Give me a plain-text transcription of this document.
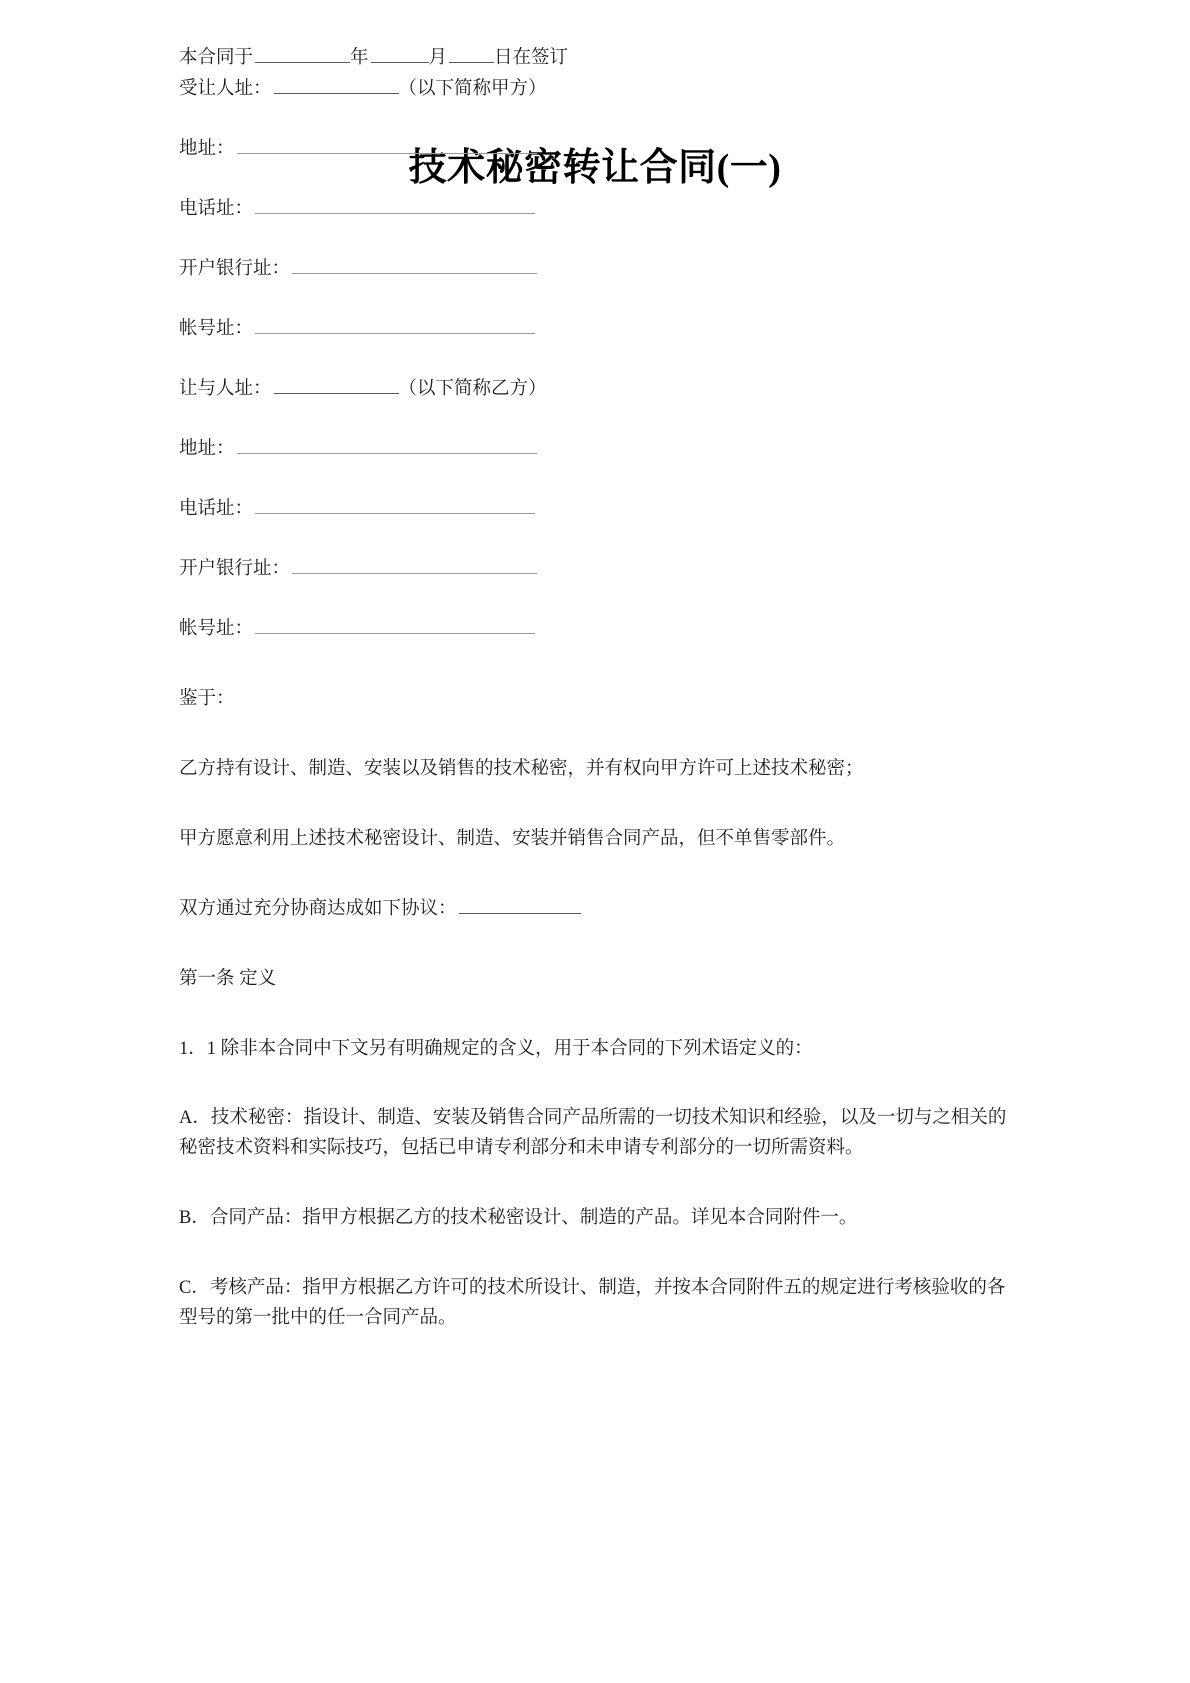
技术秘密转让合同(一)
本合同于	年	月	日在签订
受让人址：	（以下简称甲方）
地址：
电话址：
开户银行址：
帐号址：
让与人址：	（以下简称乙方）
地址：
电话址：
开户银行址：
帐号址：

鉴于：

乙方持有设计、制造、安装以及销售的技术秘密，并有权向甲方许可上述技术秘密；

甲方愿意利用上述技术秘密设计、制造、安装并销售合同产品，但不单售零部件。

双方通过充分协商达成如下协议：

第一条 定义

1．1 除非本合同中下文另有明确规定的含义，用于本合同的下列术语定义的：

A．技术秘密：指设计、制造、安装及销售合同产品所需的一切技术知识和经验，以及一切与之相关的秘密技术资料和实际技巧，包括已申请专利部分和未申请专利部分的一切所需资料。

B．合同产品：指甲方根据乙方的技术秘密设计、制造的产品。详见本合同附件一。

C．考核产品：指甲方根据乙方许可的技术所设计、制造，并按本合同附件五的规定进行考核验收的各型号的第一批中的任一合同产品。
